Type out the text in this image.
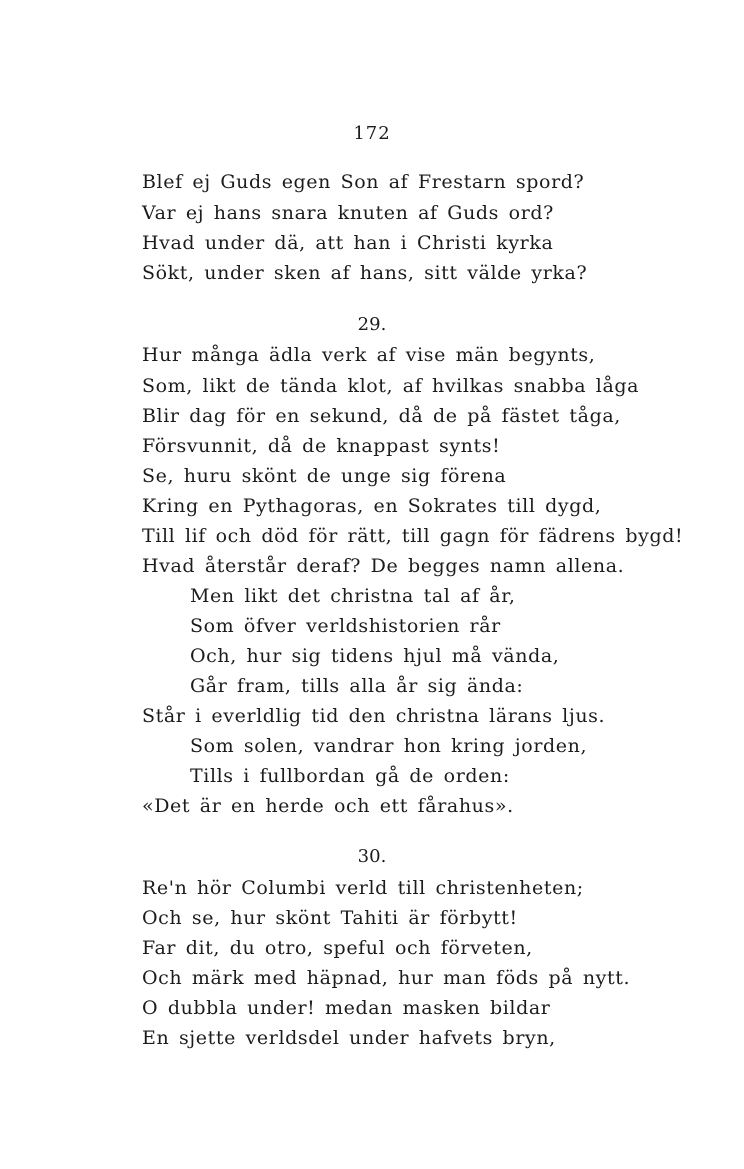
172
Blef ej Guds egen Son af Frestarn spord?
Var ej hans snara knuten af Guds ord?
Hvad under dä, att han i Christi kyrka
Sökt, under sken af hans, sitt välde yrka?
29.
Hur många ädla verk af vise män begynts,
Som, likt de tända klot, af hvilkas snabba låga
Blir dag för en sekund, då de på fästet tåga,
Försvunnit, då de knappast synts!
Se, huru skönt de unge sig förena
Kring en Pythagoras, en Sokrates till dygd,
Till lif och död för rätt, till gagn för fädrens bygd!
Hvad återstår deraf? De begges namn allena.
Men likt det christna tal af år,
Som öfver verldshistorien rår
Och, hur sig tidens hjul må vända,
Går fram, tills alla år sig ända:
Står i everldlig tid den christna lärans ljus.
Som solen, vandrar hon kring jorden,
Tills i fullbordan gå de orden:
«Det är en herde och ett fårahus».
30.
Re'n hör Columbi verld till christenheten;
Och se, hur skönt Tahiti är förbytt!
Far dit, du otro, speful och förveten,
Och märk med häpnad, hur man föds på nytt.
O dubbla under! medan masken bildar
En sjette verldsdel under hafvets bryn,
